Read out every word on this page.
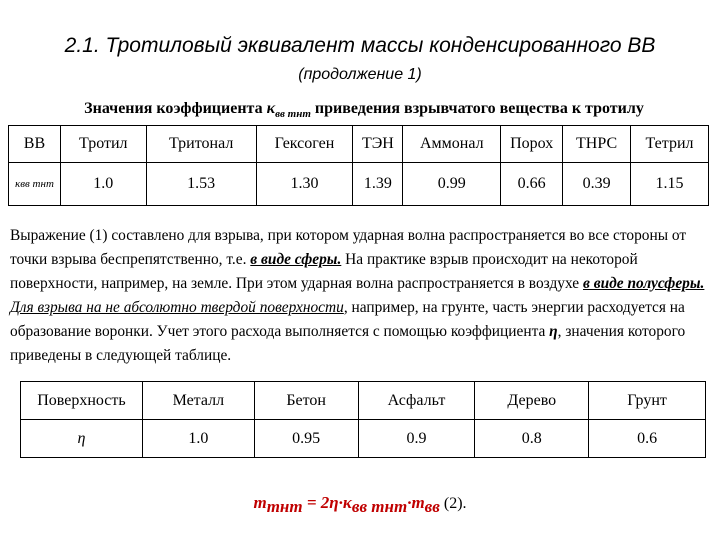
2.1. Тротиловый эквивалент массы конденсированного ВВ
(продолжение 1)
Значения коэффициента $\kappa_{вв тнт}$ приведения взрывчатого вещества к тротилу
ВВ	Тротил	Тритонал	Гексоген	ТЭН	Аммонал	Порох	ТНРС	Тетрил
κвв тнт	1.0	1.53	1.30	1.39	0.99	0.66	0.39	1.15
Выражение (1) составлено для взрыва, при котором ударная волна распространяется во все стороны от точки взрыва беспрепятственно, т.е. в виде сферы. На практике взрыв происходит на некоторой поверхности, например, на земле. При этом ударная волна распространяется в воздухе в виде полусферы.
Для взрыва на не абсолютно твердой поверхности, например, на грунте, часть энергии расходуется на образование воронки. Учет этого расхода выполняется с помощью коэффициента η, значения которого приведены в следующей таблице.
Поверхность	Металл	Бетон	Асфальт	Дерево	Грунт
η	1.0	0.95	0.9	0.8	0.6
$m_{тнт} = 2\eta\cdot\kappa_{вв тнт}\cdot m_{вв}$ (2).
